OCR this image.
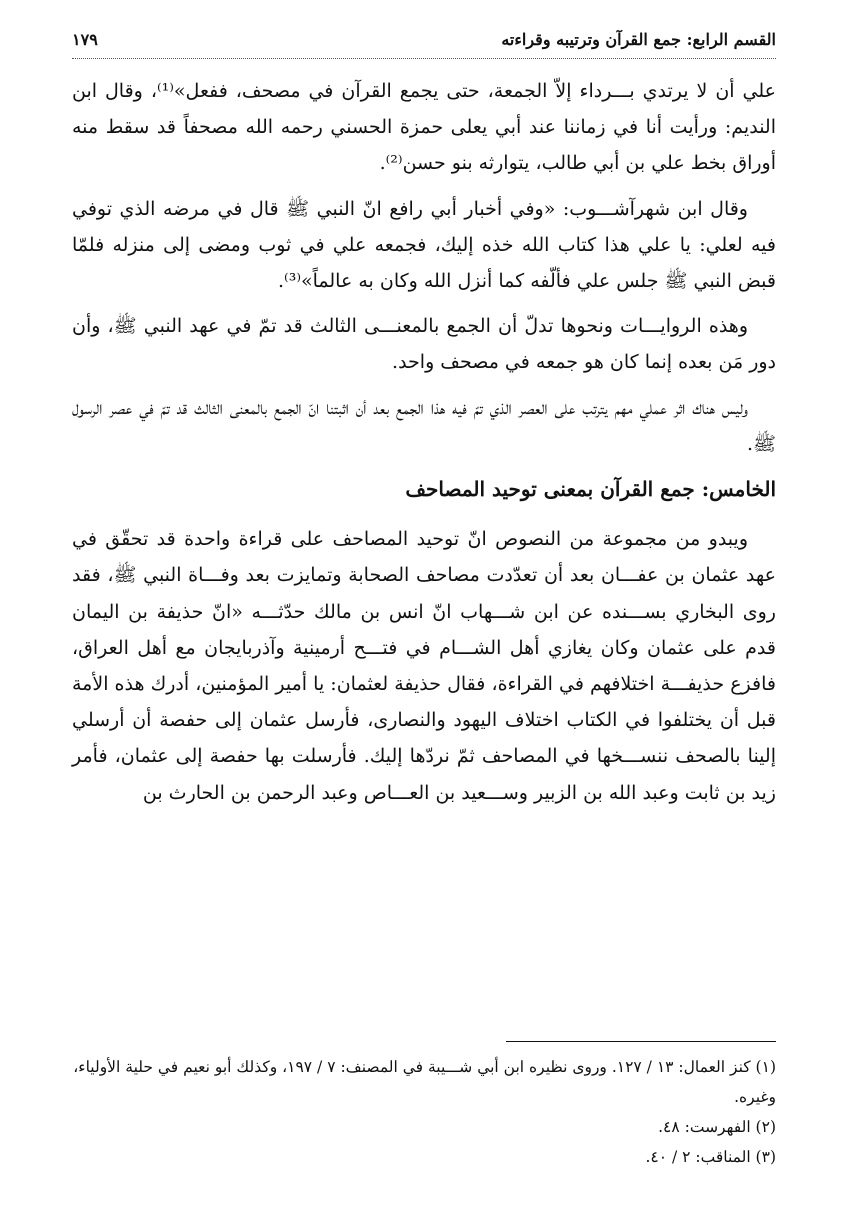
القسم الرابع: جمع القرآن وترتيبه وقراءته
١٧٩

علي أن لا يرتدي بـــرداء إلاّ الجمعة، حتى يجمع القرآن في مصحف، ففعل»⁽¹⁾، وقال ابن النديم: ورأيت أنا في زماننا عند أبي يعلى حمزة الحسني رحمه الله مصحفاً قد سقط منه أوراق بخط علي بن أبي طالب، يتوارثه بنو حسن⁽²⁾.

وقال ابن شهرآشـــوب: «وفي أخبار أبي رافع انّ النبي ﷺ قال في مرضه الذي توفي فيه لعلي: يا علي هذا كتاب الله خذه إليك، فجمعه علي في ثوب ومضى إلى منزله فلمّا قبض النبي ﷺ جلس علي فألّفه كما أنزل الله وكان به عالماً»⁽³⁾.

وهذه الروايـــات ونحوها تدلّ أن الجمع بالمعنـــى الثالث قد تمّ في عهد النبي ﷺ، وأن دور مَن بعده إنما كان هو جمعه في مصحف واحد.

وليس هناك اثر عملي مهم يترتب على العصر الذي تمّ فيه هذا الجمع بعد أن اثبتنا انّ الجمع بالمعنى الثالث قد تمّ في عصر الرسول ﷺ.

الخامس: جمع القرآن بمعنى توحيد المصاحف

ويبدو من مجموعة من النصوص انّ توحيد المصاحف على قراءة واحدة قد تحقّق في عهد عثمان بن عفـــان بعد أن تعدّدت مصاحف الصحابة وتمايزت بعد وفـــاة النبي ﷺ، فقد روى البخاري بســـنده عن ابن شـــهاب انّ انس بن مالك حدّثـــه «انّ حذيفة بن اليمان قدم على عثمان وكان يغازي أهل الشـــام في فتـــح أرمينية وآذربايجان مع أهل العراق، فافزع حذيفـــة اختلافهم في القراءة، فقال حذيفة لعثمان: يا أمير المؤمنين، أدرك هذه الأمة قبل أن يختلفوا في الكتاب اختلاف اليهود والنصارى، فأرسل عثمان إلى حفصة أن أرسلي إلينا بالصحف ننســـخها في المصاحف ثمّ نردّها إليك. فأرسلت بها حفصة إلى عثمان، فأمر زيد بن ثابت وعبد الله بن الزبير وســـعيد بن العـــاص وعبد الرحمن بن الحارث بن

(١) كنز العمال: ١٣ / ١٢٧. وروى نظيره ابن أبي شـــيبة في المصنف: ٧ / ١٩٧، وكذلك أبو نعيم في حلية الأولياء، وغيره.
(٢) الفهرست: ٤٨.
(٣) المناقب: ٢ / ٤٠.
